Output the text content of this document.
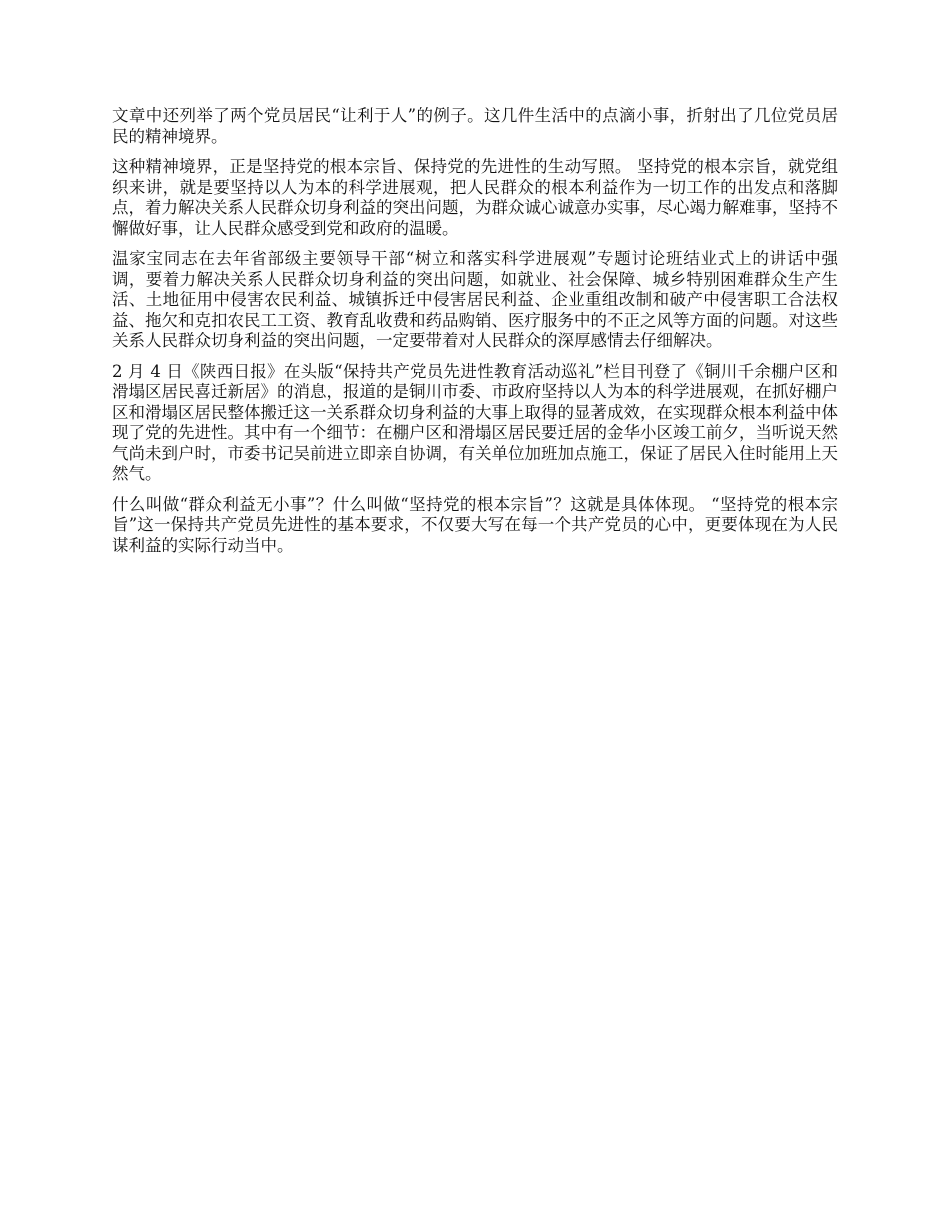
文章中还列举了两个党员居民“让利于人”的例子。这几件生活中的点滴小事，折射出了几位党员居民的精神境界。

这种精神境界，正是坚持党的根本宗旨、保持党的先进性的生动写照。 坚持党的根本宗旨，就党组织来讲，就是要坚持以人为本的科学进展观，把人民群众的根本利益作为一切工作的出发点和落脚点，着力解决关系人民群众切身利益的突出问题，为群众诚心诚意办实事，尽心竭力解难事，坚持不懈做好事，让人民群众感受到党和政府的温暖。

温家宝同志在去年省部级主要领导干部“树立和落实科学进展观”专题讨论班结业式上的讲话中强调，要着力解决关系人民群众切身利益的突出问题，如就业、社会保障、城乡特别困难群众生产生活、土地征用中侵害农民利益、城镇拆迁中侵害居民利益、企业重组改制和破产中侵害职工合法权益、拖欠和克扣农民工工资、教育乱收费和药品购销、医疗服务中的不正之风等方面的问题。对这些关系人民群众切身利益的突出问题，一定要带着对人民群众的深厚感情去仔细解决。

2 月 4 日《陕西日报》在头版“保持共产党员先进性教育活动巡礼”栏目刊登了《铜川千余棚户区和滑塌区居民喜迁新居》的消息，报道的是铜川市委、市政府坚持以人为本的科学进展观，在抓好棚户区和滑塌区居民整体搬迁这一关系群众切身利益的大事上取得的显著成效，在实现群众根本利益中体现了党的先进性。其中有一个细节：在棚户区和滑塌区居民要迁居的金华小区竣工前夕，当听说天然气尚未到户时，市委书记吴前进立即亲自协调，有关单位加班加点施工，保证了居民入住时能用上天然气。

什么叫做“群众利益无小事”？什么叫做“坚持党的根本宗旨”？这就是具体体现。 “坚持党的根本宗旨”这一保持共产党员先进性的基本要求，不仅要大写在每一个共产党员的心中，更要体现在为人民谋利益的实际行动当中。
